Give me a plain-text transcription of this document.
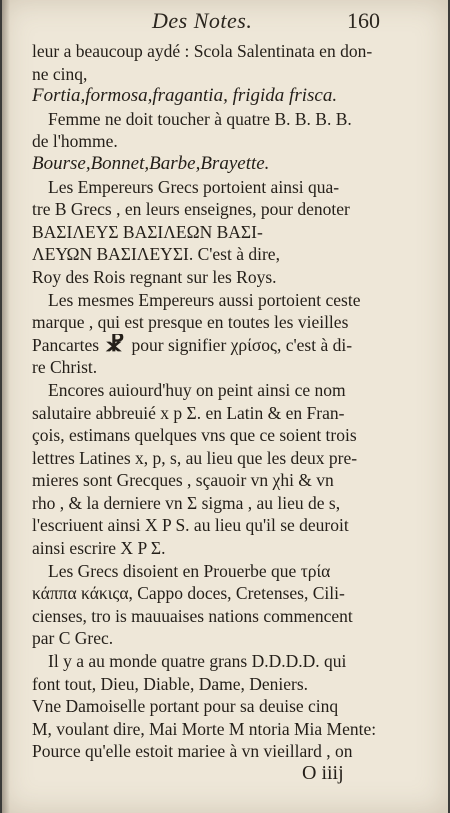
Des Notes.	160
leur a beaucoup aydé : Scola Salentinata en don-
ne cinq,
Fortia,formosa,fragantia, frigida frisca.
Femme ne doit toucher à quatre B. B. B. B.
de l'homme.
Bourse,Bonnet,Barbe,Brayette.
Les Empereurs Grecs portoient ainsi qua-
tre B Grecs , en leurs enseignes, pour denoter
ΒΑΣΙΛΕΥΣ ΒΑΣΙΛΕΩΝ ΒΑΣΙ-
ΛΕΥΩΝ ΒΑΣΙΛΕΥΣΙ. C'est à dire,
Roy des Rois regnant sur les Roys.
Les mesmes Empereurs aussi portoient ceste
marque , qui est presque en toutes les vieilles
Pancartes ☧ pour signifier χρίσος, c'est à di-
re Christ.
Encores auiourd'huy on peint ainsi ce nom
salutaire abbreuié x p Σ. en Latin & en Fran-
çois, estimans quelques vns que ce soient trois
lettres Latines x, p, s, au lieu que les deux pre-
mieres sont Grecques , sçauoir vn χhi & vn
rho , & la derniere vn Σ sigma , au lieu de s,
l'escriuent ainsi X P S. au lieu qu'il se deuroit
ainsi escrire X P Σ.
Les Grecs disoient en Prouerbe que τρία
κάππα κάκιςα, Cappo doces, Cretenses, Cili-
cienses, tro is mauuaises nations commencent
par C Grec.
Il y a au monde quatre grans D.D.D.D. qui
font tout, Dieu, Diable, Dame, Deniers.
Vne Damoiselle portant pour sa deuise cinq
M, voulant dire, Mai Morte M ntoria Mia Mente:
Pource qu'elle estoit mariee à vn vieillard , on
O iiij
